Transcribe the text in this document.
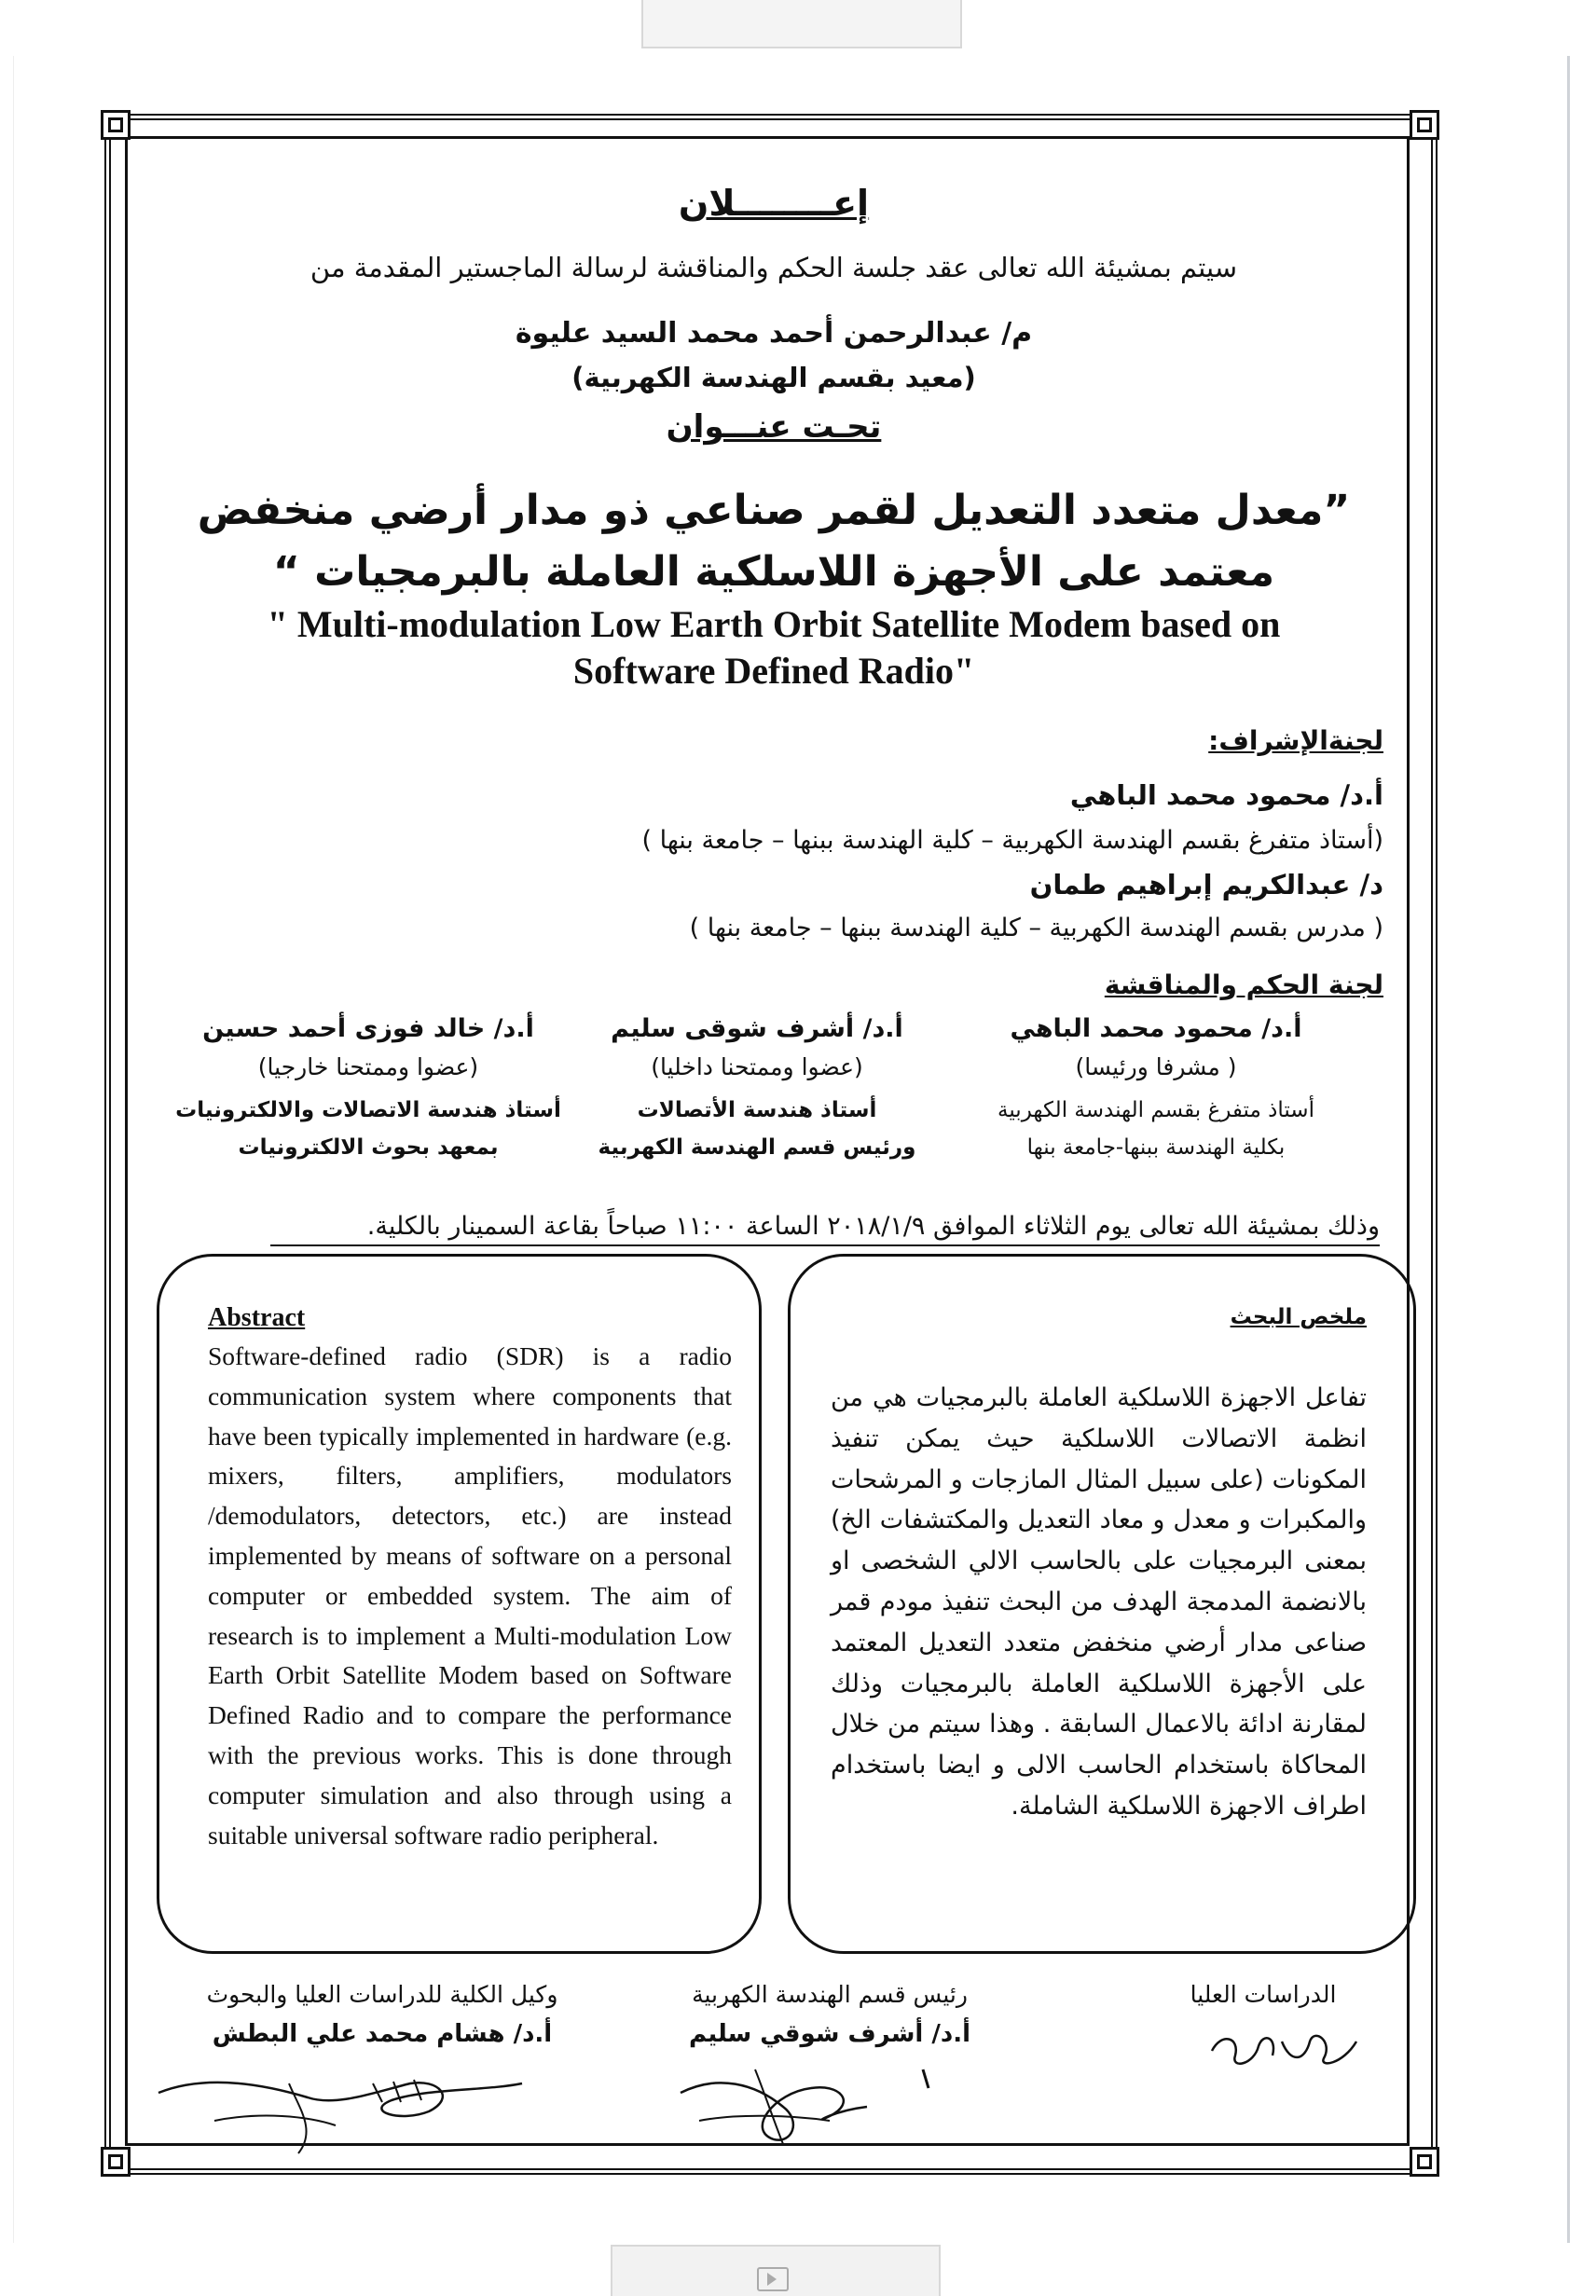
إعــــــــلان
سيتم بمشيئة الله تعالى عقد جلسة الحكم والمناقشة لرسالة الماجستير المقدمة من
م/ عبدالرحمن أحمد محمد السيد عليوة
(معيد بقسم الهندسة الكهربية)
تحـت عنـــوان
”معدل متعدد التعديل لقمر صناعي ذو مدار أرضي منخفض معتمد على الأجهزة اللاسلكية العاملة بالبرمجيات “
" Multi-modulation Low Earth Orbit Satellite Modem based on
Software Defined Radio"
لجنةالإشراف:
أ.د/ محمود محمد الباهي
(أستاذ متفرغ بقسم الهندسة الكهربية – كلية الهندسة ببنها – جامعة بنها )
د/ عبدالكريم إبراهيم طمان
( مدرس بقسم الهندسة الكهربية – كلية الهندسة ببنها – جامعة بنها )
لجنة الحكم والمناقشة
أ.د/ محمود محمد الباهي
( مشرفا ورئيسا)
أستاذ متفرغ بقسم الهندسة الكهربية
بكلية الهندسة ببنها-جامعة بنها
أ.د/ أشرف شوقى سليم
(عضوا وممتحنا داخليا)
أستاذ هندسة الأتصالات
ورئيس قسم الهندسة الكهربية
أ.د/ خالد فوزى أحمد حسين
(عضوا وممتحنا خارجيا)
أستاذ هندسة الاتصالات والالكترونيات
بمعهد بحوث الالكترونيات
وذلك بمشيئة الله تعالى يوم الثلاثاء الموافق ٢٠١٨/١/٩ الساعة ١١:٠٠ صباحاً بقاعة السمينار بالكلية.
Abstract
Software-defined radio (SDR) is a radio communication system where components that have been typically implemented in hardware (e.g. mixers, filters, amplifiers, modulators /demodulators, detectors, etc.) are instead implemented by means of software on a personal computer or embedded system. The aim of research is to implement a Multi-modulation Low Earth Orbit Satellite Modem based on Software Defined Radio and to compare the performance with the previous works. This is done through computer simulation and also through using a suitable universal software radio peripheral.
ملخص البحث
تفاعل الاجهزة اللاسلكية العاملة بالبرمجيات هي من انظمة الاتصالات اللاسلكية حيث يمكن تنفيذ المكونات (على سبيل المثال المازجات و المرشحات والمكبرات و معدل و معاد التعديل والمكتشفات الخ) بمعنى البرمجيات على بالحاسب الالي الشخصى او بالانضمة المدمجة الهدف من البحث تنفيذ مودم قمر صناعى مدار أرضي منخفض متعدد التعديل المعتمد على الأجهزة اللاسلكية العاملة بالبرمجيات وذلك لمقارنة ادائة بالاعمال السابقة . وهذا سيتم من خلال المحاكاة باستخدام الحاسب الالى و ايضا باستخدام اطراف الاجهزة اللاسلكية الشاملة.
وكيل الكلية للدراسات العليا والبحوث
أ.د/ هشام محمد علي البطش
رئيس قسم الهندسة الكهربية
أ.د/ أشرف شوقي سليم
الدراسات العليا
